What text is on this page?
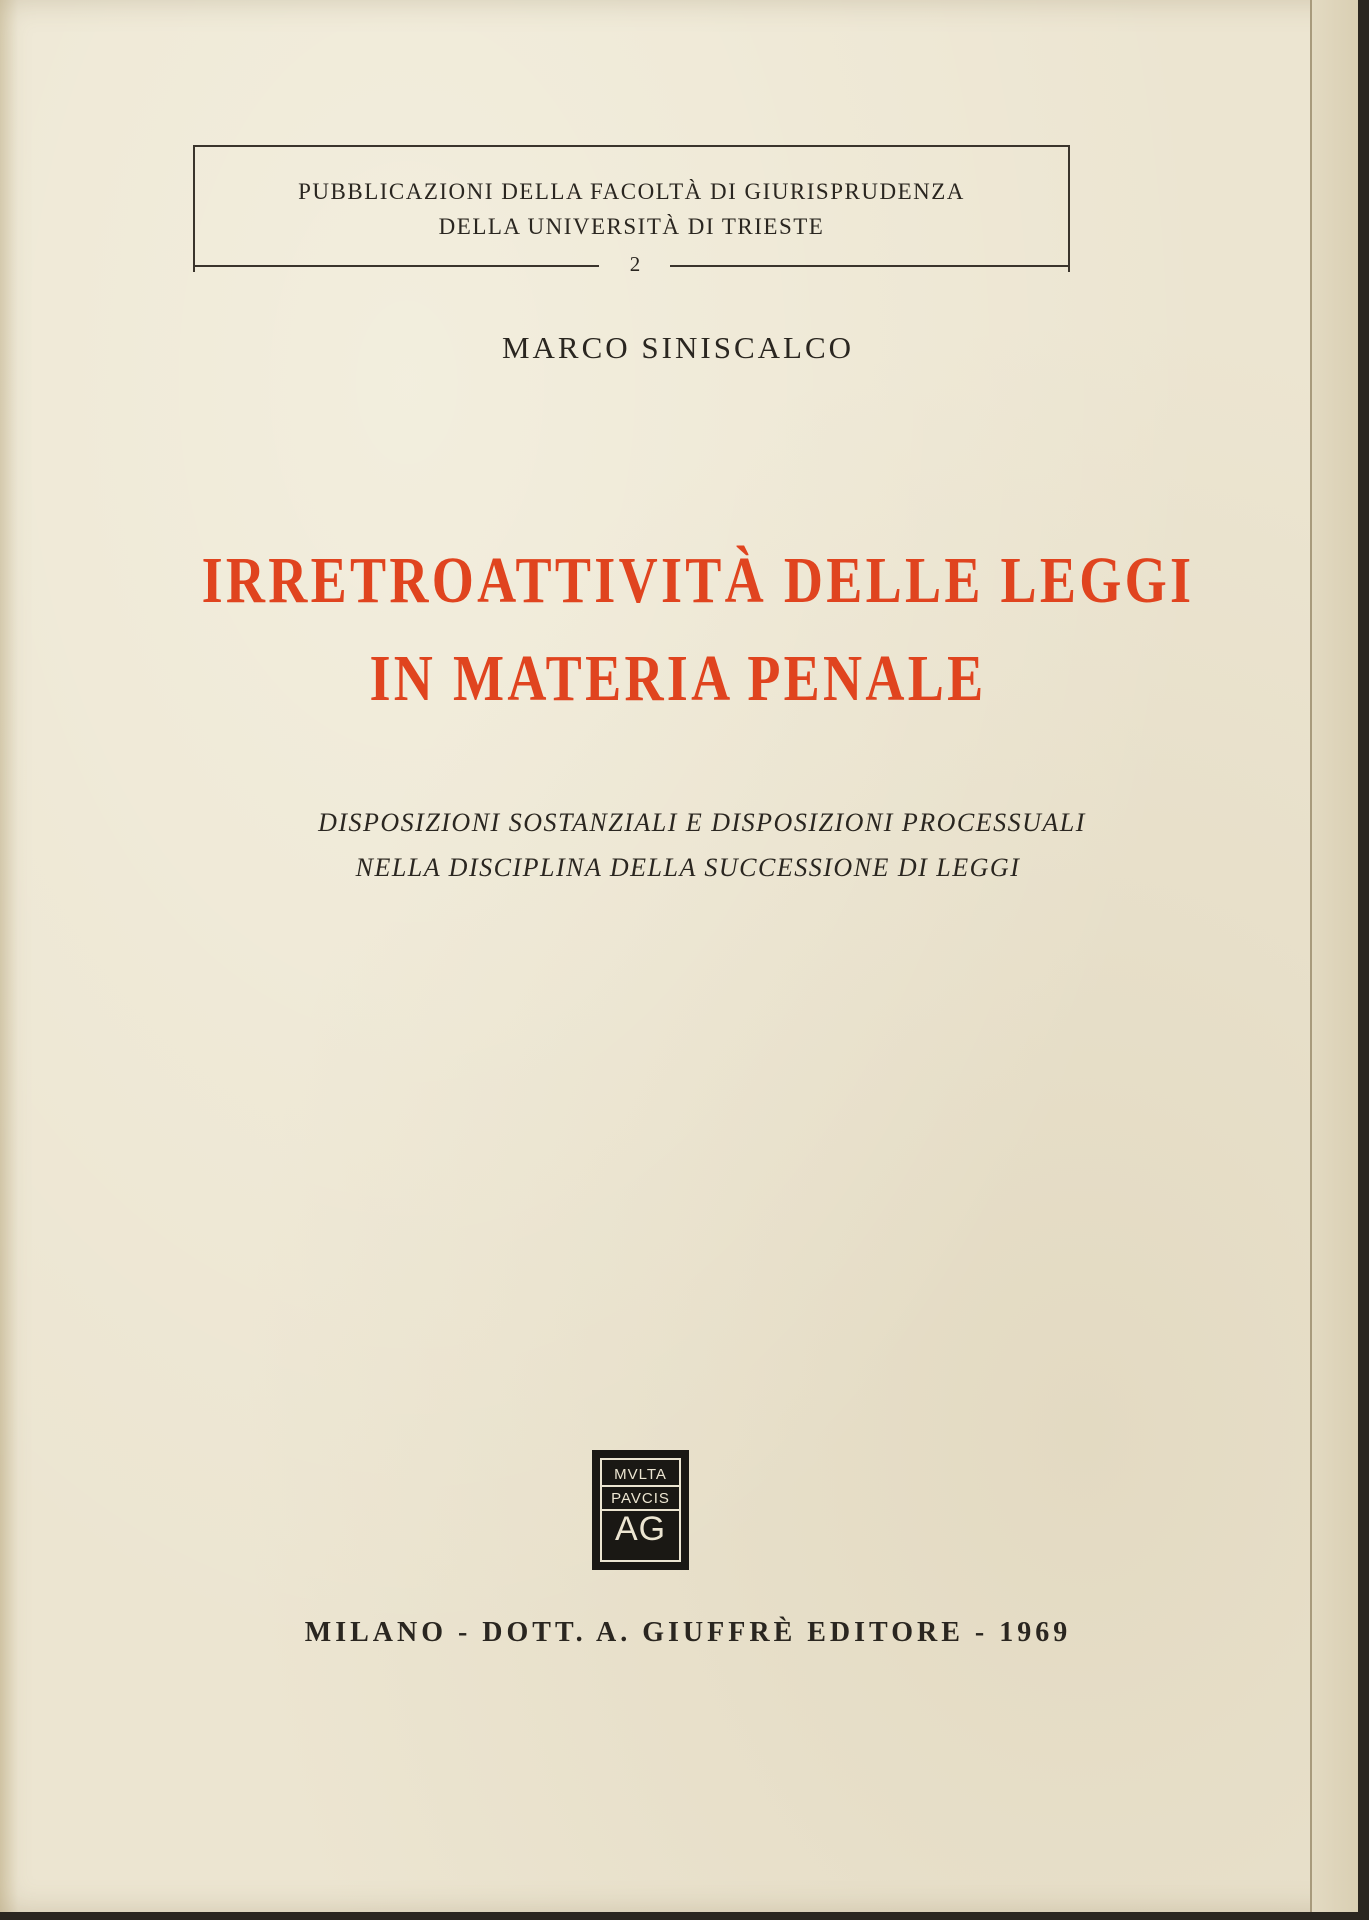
PUBBLICAZIONI DELLA FACOLTÀ DI GIURISPRUDENZA
DELLA UNIVERSITÀ DI TRIESTE
2
MARCO SINISCALCO
IRRETROATTIVITÀ DELLE LEGGI
IN MATERIA PENALE
DISPOSIZIONI SOSTANZIALI E DISPOSIZIONI PROCESSUALI
NELLA DISCIPLINA DELLA SUCCESSIONE DI LEGGI
MVLTA
PAVCIS
AG
MILANO - DOTT. A. GIUFFRÈ EDITORE - 1969
